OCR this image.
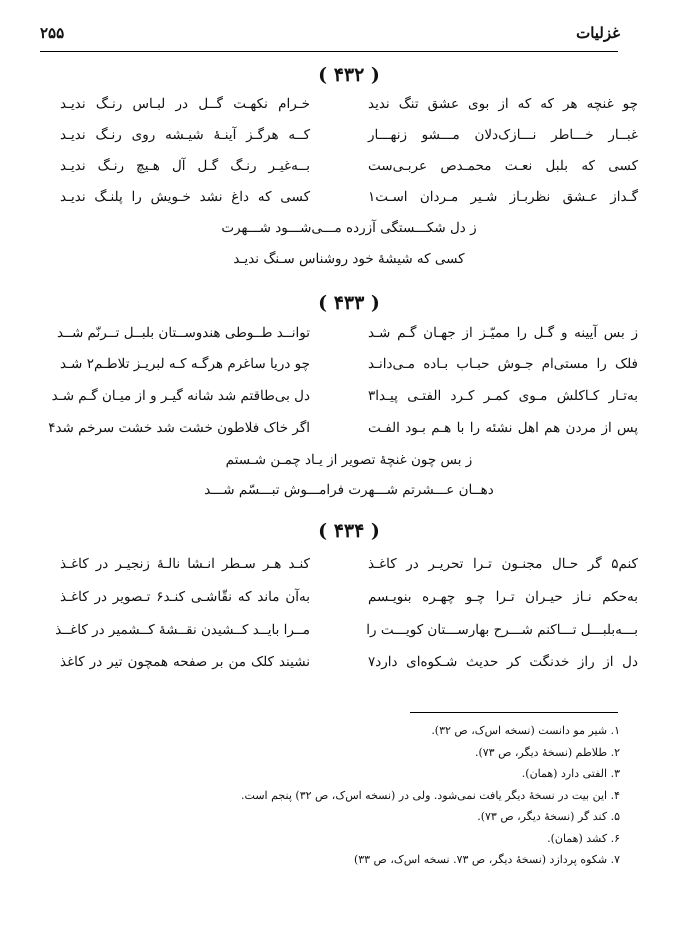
۲۵۵	غزلیات
( ۴۳۲ )
چو غنچه هر که که از بوی عشق تنگ ندید
خـرام نکهـت گــل در لبـاس رنـگ ندیـد
غبــار خـــاطر نـــازک‌دلان مـــشو زنهـــار
کــه هرگـز آینـهٔ شیـشه روی رنـگ ندیـد
کسی که بلبل نعـت محمـد‌ص عربـی‌ست
بــه‌غیـر رنـگ گـل آل هـیچ رنـگ ندیـد
گـداز عـشق نظربـاز شـیر مـردان اسـت۱
کسی که داغ نشد خـویش را پلنـگ ندیـد
ز دل شکـــستگی آزرده مـــی‌شـــود شـــهرت
کسی که شیشهٔ خود روشناس سـنگ ندیـد
( ۴۳۳ )
ز بس آیینه و گـل را ممیّـز از جهـان گـم شـد
توانــد طــوطی هندوســتان بلبــل تــرنّم شــد
فلک را مستی‌ام جـوش حبـاب بـاده مـی‌دانـد
چو دریا ساغرم هرگـه کـه لبریـز تلاطـم۲ شـد
به‌تـار کـاکلش مـوی کمـر کـرد الفتـی پیـدا۳
دل بی‌طاقتم شد شانه گیـر و از میـان گـم شـد
پس از مردن هم اهل نشئه را با هـم بـود الفـت
اگر خاک فلاطون خشت شد خشت سرخم شد۴
ز بس چون غنچهٔ تصویر از یـاد چمـن شـستم
دهــان عـــشرتم شـــهرت فرامـــوش تبـــسّم شـــد
( ۴۳۴ )
کنم۵ گر حـال مجنـون تـرا تحریـر در کاغـذ
کنـد هـر سـطر انـشا نالـهٔ زنجیـر در کاغـذ
به‌حکم نـاز حیـران تـرا چـو چهـره بنویـسم
به‌آن ماند که نقّاشـی کنـد۶ تـصویر در کاغـذ
بـــه‌بلبـــل تـــاکنم شـــرح بهارســـتان کویـــت را
مــرا بایــد کــشیدن نقــشهٔ کــشمیر در کاغــذ
دل از راز خدنگت کر حدیث شـکوه‌ای دارد۷
نشیند کلک من بر صفحه همچون تیر در کاغذ
۱. شیر مو دانست (نسخه اس‌ک، ص ۳۲).
۲. طلاطم (نسخهٔ دیگر، ص ۷۳).
۳. الفتی دارد (همان).
۴. این بیت در نسخهٔ دیگر یافت نمی‌شود. ولی در (نسخه اس‌ک، ص ۳۲) پنجم است.
۵. کند گر (نسخهٔ دیگر، ص ۷۳).
۶. کشد (همان).
۷. شکوه پردازد (نسخهٔ دیگر، ص ۷۳. نسخه اس‌ک، ص ۳۳)
